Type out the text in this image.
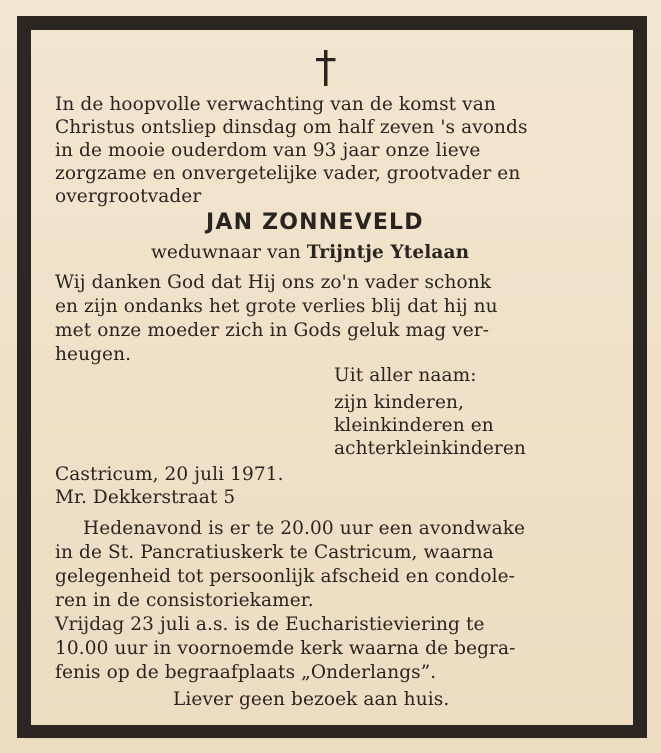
In de hoopvolle verwachting van de komst van
Christus ontsliep dinsdag om half zeven 's avonds
in de mooie ouderdom van 93 jaar onze lieve
zorgzame en onvergetelijke vader, grootvader en
overgrootvader
JAN ZONNEVELD
weduwnaar van Trijntje Ytelaan
Wij danken God dat Hij ons zo'n vader schonk
en zijn ondanks het grote verlies blij dat hij nu
met onze moeder zich in Gods geluk mag ver-
heugen.
Uit aller naam:
zijn kinderen,
kleinkinderen en
achterkleinkinderen
Castricum, 20 juli 1971.
Mr. Dekkerstraat 5
Hedenavond is er te 20.00 uur een avondwake
in de St. Pancratiuskerk te Castricum, waarna
gelegenheid tot persoonlijk afscheid en condole-
ren in de consistoriekamer.
Vrijdag 23 juli a.s. is de Eucharistieviering te
10.00 uur in voornoemde kerk waarna de begra-
fenis op de begraafplaats „Onderlangs”.
Liever geen bezoek aan huis.
